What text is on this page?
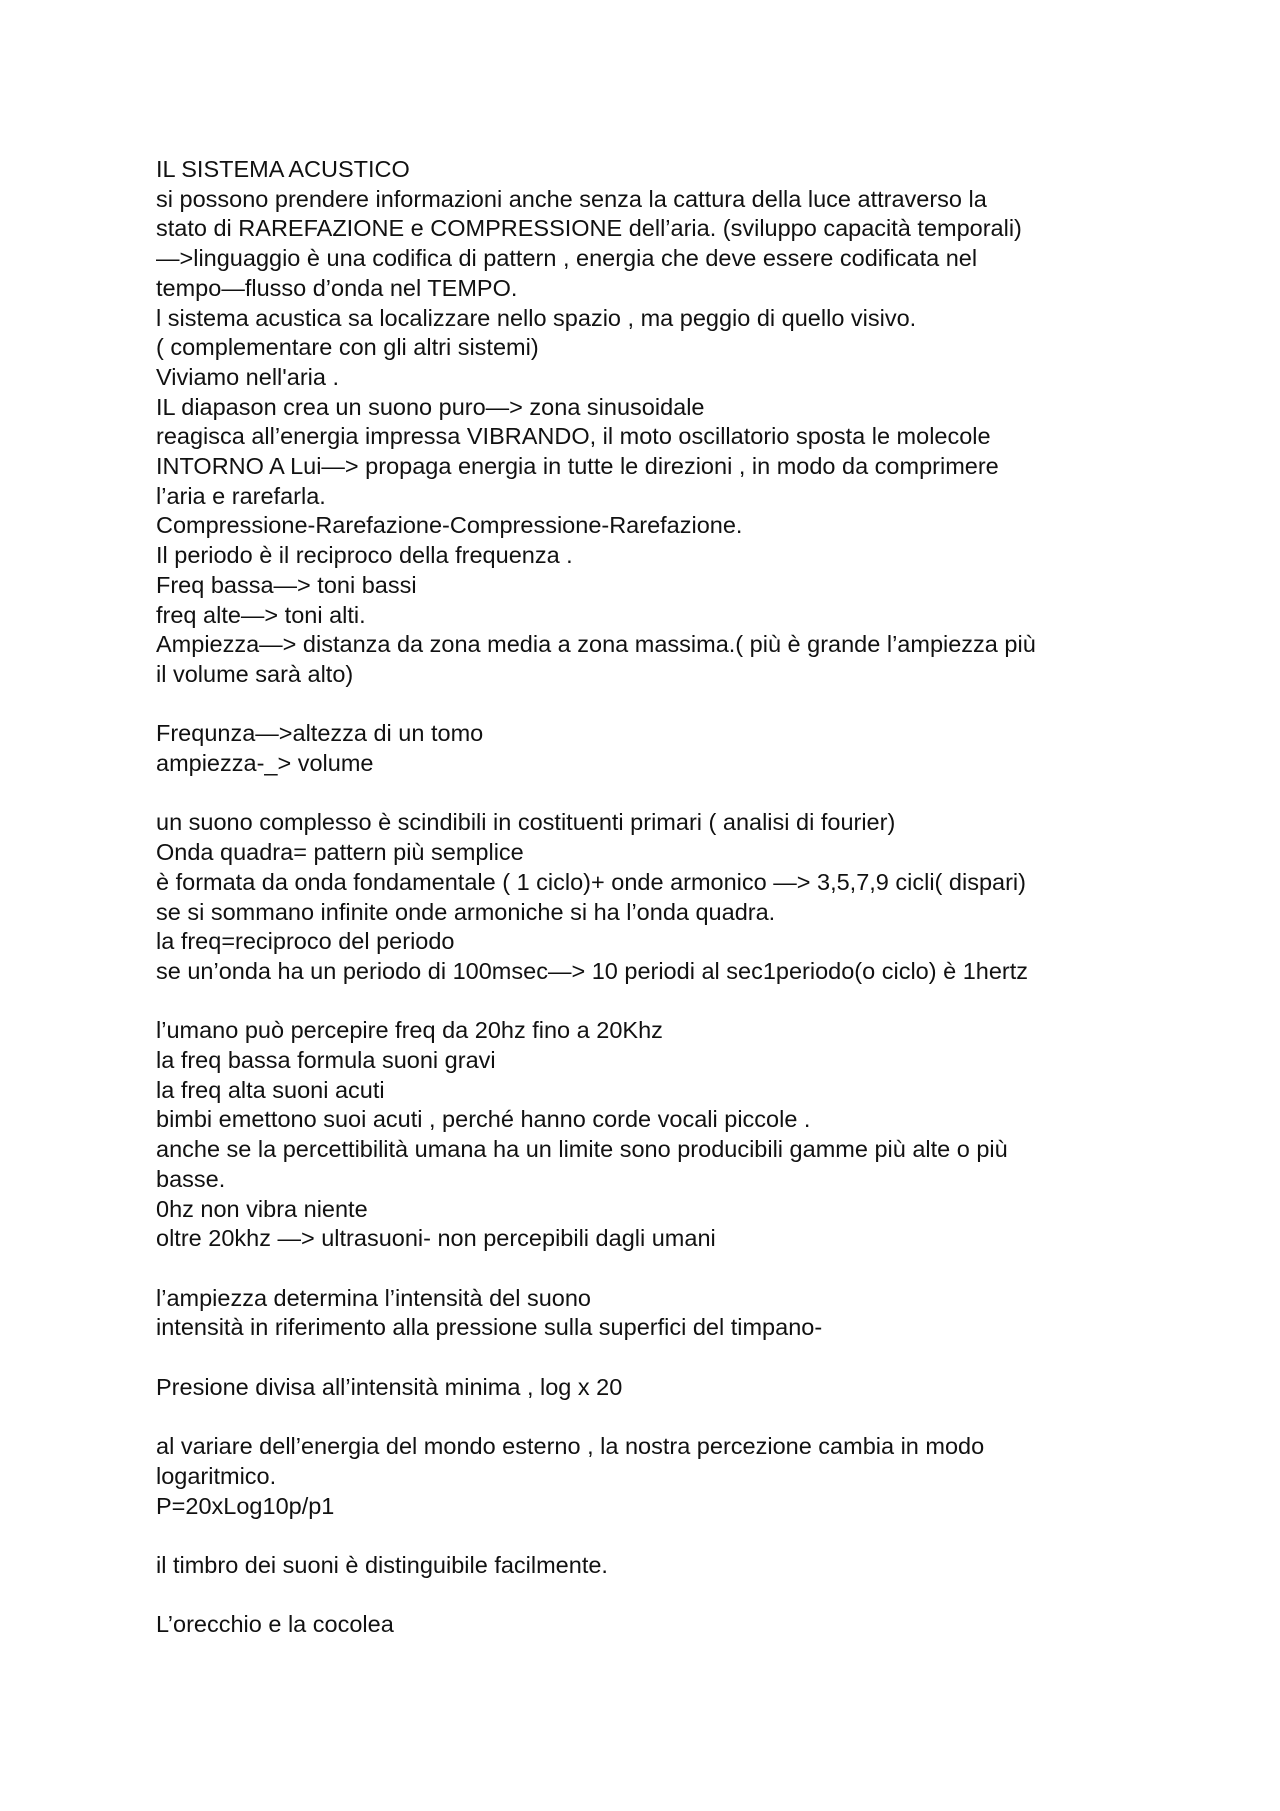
IL SISTEMA ACUSTICO
si possono prendere informazioni anche senza la cattura della luce attraverso la
stato di RAREFAZIONE e COMPRESSIONE dell’aria. (sviluppo capacità temporali)
—>linguaggio è una codifica di pattern , energia che deve essere codificata nel
tempo—flusso d’onda nel TEMPO.
l sistema acustica sa localizzare nello spazio , ma peggio di quello visivo.
( complementare con gli altri sistemi)
Viviamo nell'aria .
IL diapason crea un suono puro—> zona sinusoidale
reagisca all’energia impressa VIBRANDO, il moto oscillatorio sposta le molecole
INTORNO A Lui—> propaga energia in tutte le direzioni , in modo da comprimere
l’aria e rarefarla.
Compressione-Rarefazione-Compressione-Rarefazione.
Il periodo è il reciproco della frequenza .
Freq bassa—> toni bassi
freq alte—> toni alti.
Ampiezza—> distanza da zona media a zona massima.( più è grande l’ampiezza più
il volume sarà alto)
Frequnza—>altezza di un tomo
ampiezza-_> volume
un suono complesso è scindibili in costituenti primari ( analisi di fourier)
Onda quadra= pattern più semplice
è formata da onda fondamentale ( 1 ciclo)+ onde armonico —> 3,5,7,9 cicli( dispari)
se si sommano infinite onde armoniche si ha l’onda quadra.
la freq=reciproco del periodo
se un’onda ha un periodo di 100msec—> 10 periodi al sec1periodo(o ciclo) è 1hertz
l’umano può percepire freq da 20hz fino a 20Khz
la freq bassa formula suoni gravi
la freq alta suoni acuti
bimbi emettono suoi acuti , perché hanno corde vocali piccole .
anche se la percettibilità umana ha un limite sono producibili gamme più alte o più
basse.
0hz non vibra niente
oltre 20khz —> ultrasuoni- non percepibili dagli umani
l’ampiezza determina l’intensità del suono
intensità in riferimento alla pressione sulla superfici del timpano-
Presione divisa all’intensità minima , log x 20
al variare dell’energia del mondo esterno , la nostra percezione cambia in modo
logaritmico.
P=20xLog10p/p1
il timbro dei suoni è distinguibile facilmente.
L’orecchio e la cocolea
